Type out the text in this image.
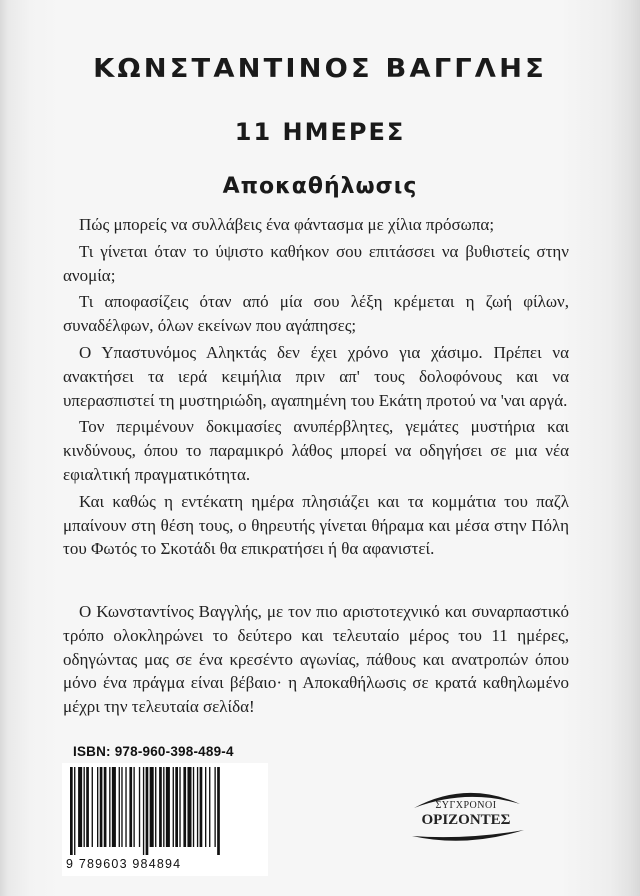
ΚΩΝΣΤΑΝΤΙΝΟΣ ΒΑΓΓΛΗΣ
11 ΗΜΕΡΕΣ
Αποκαθήλωσις

Πώς μπορείς να συλλάβεις ένα φάντασμα με χίλια πρόσωπα;

Τι γίνεται όταν το ύψιστο καθήκον σου επιτάσσει να βυθιστείς στην ανομία;

Τι αποφασίζεις όταν από μία σου λέξη κρέμεται η ζωή φίλων, συναδέλφων, όλων εκείνων που αγάπησες;

Ο Υπαστυνόμος Αληκτάς δεν έχει χρόνο για χάσιμο. Πρέπει να ανακτήσει τα ιερά κειμήλια πριν απ' τους δολοφόνους και να υπερασπιστεί τη μυστηριώδη, αγαπημένη του Εκάτη προτού να 'ναι αργά.

Τον περιμένουν δοκιμασίες ανυπέρβλητες, γεμάτες μυστήρια και κινδύνους, όπου το παραμικρό λάθος μπορεί να οδηγήσει σε μια νέα εφιαλτική πραγματικότητα.

Και καθώς η εντέκατη ημέρα πλησιάζει και τα κομμάτια του παζλ μπαίνουν στη θέση τους, ο θηρευτής γίνεται θήραμα και μέσα στην Πόλη του Φωτός το Σκοτάδι θα επικρατήσει ή θα αφανιστεί.

Ο Κωνσταντίνος Βαγγλής, με τον πιο αριστοτεχνικό και συναρπαστικό τρόπο ολοκληρώνει το δεύτερο και τελευταίο μέρος του 11 ημέρες, οδηγώντας μας σε ένα κρεσέντο αγωνίας, πάθους και ανατροπών όπου μόνο ένα πράγμα είναι βέβαιο· η Αποκαθήλωσις σε κρατά καθηλωμένο μέχρι την τελευταία σελίδα!

ISBN: 978-960-398-489-4
9 789603 984894
ΣΥΓΧΡΟΝΟΙ
ΟΡΙΖΟΝΤΕΣ
